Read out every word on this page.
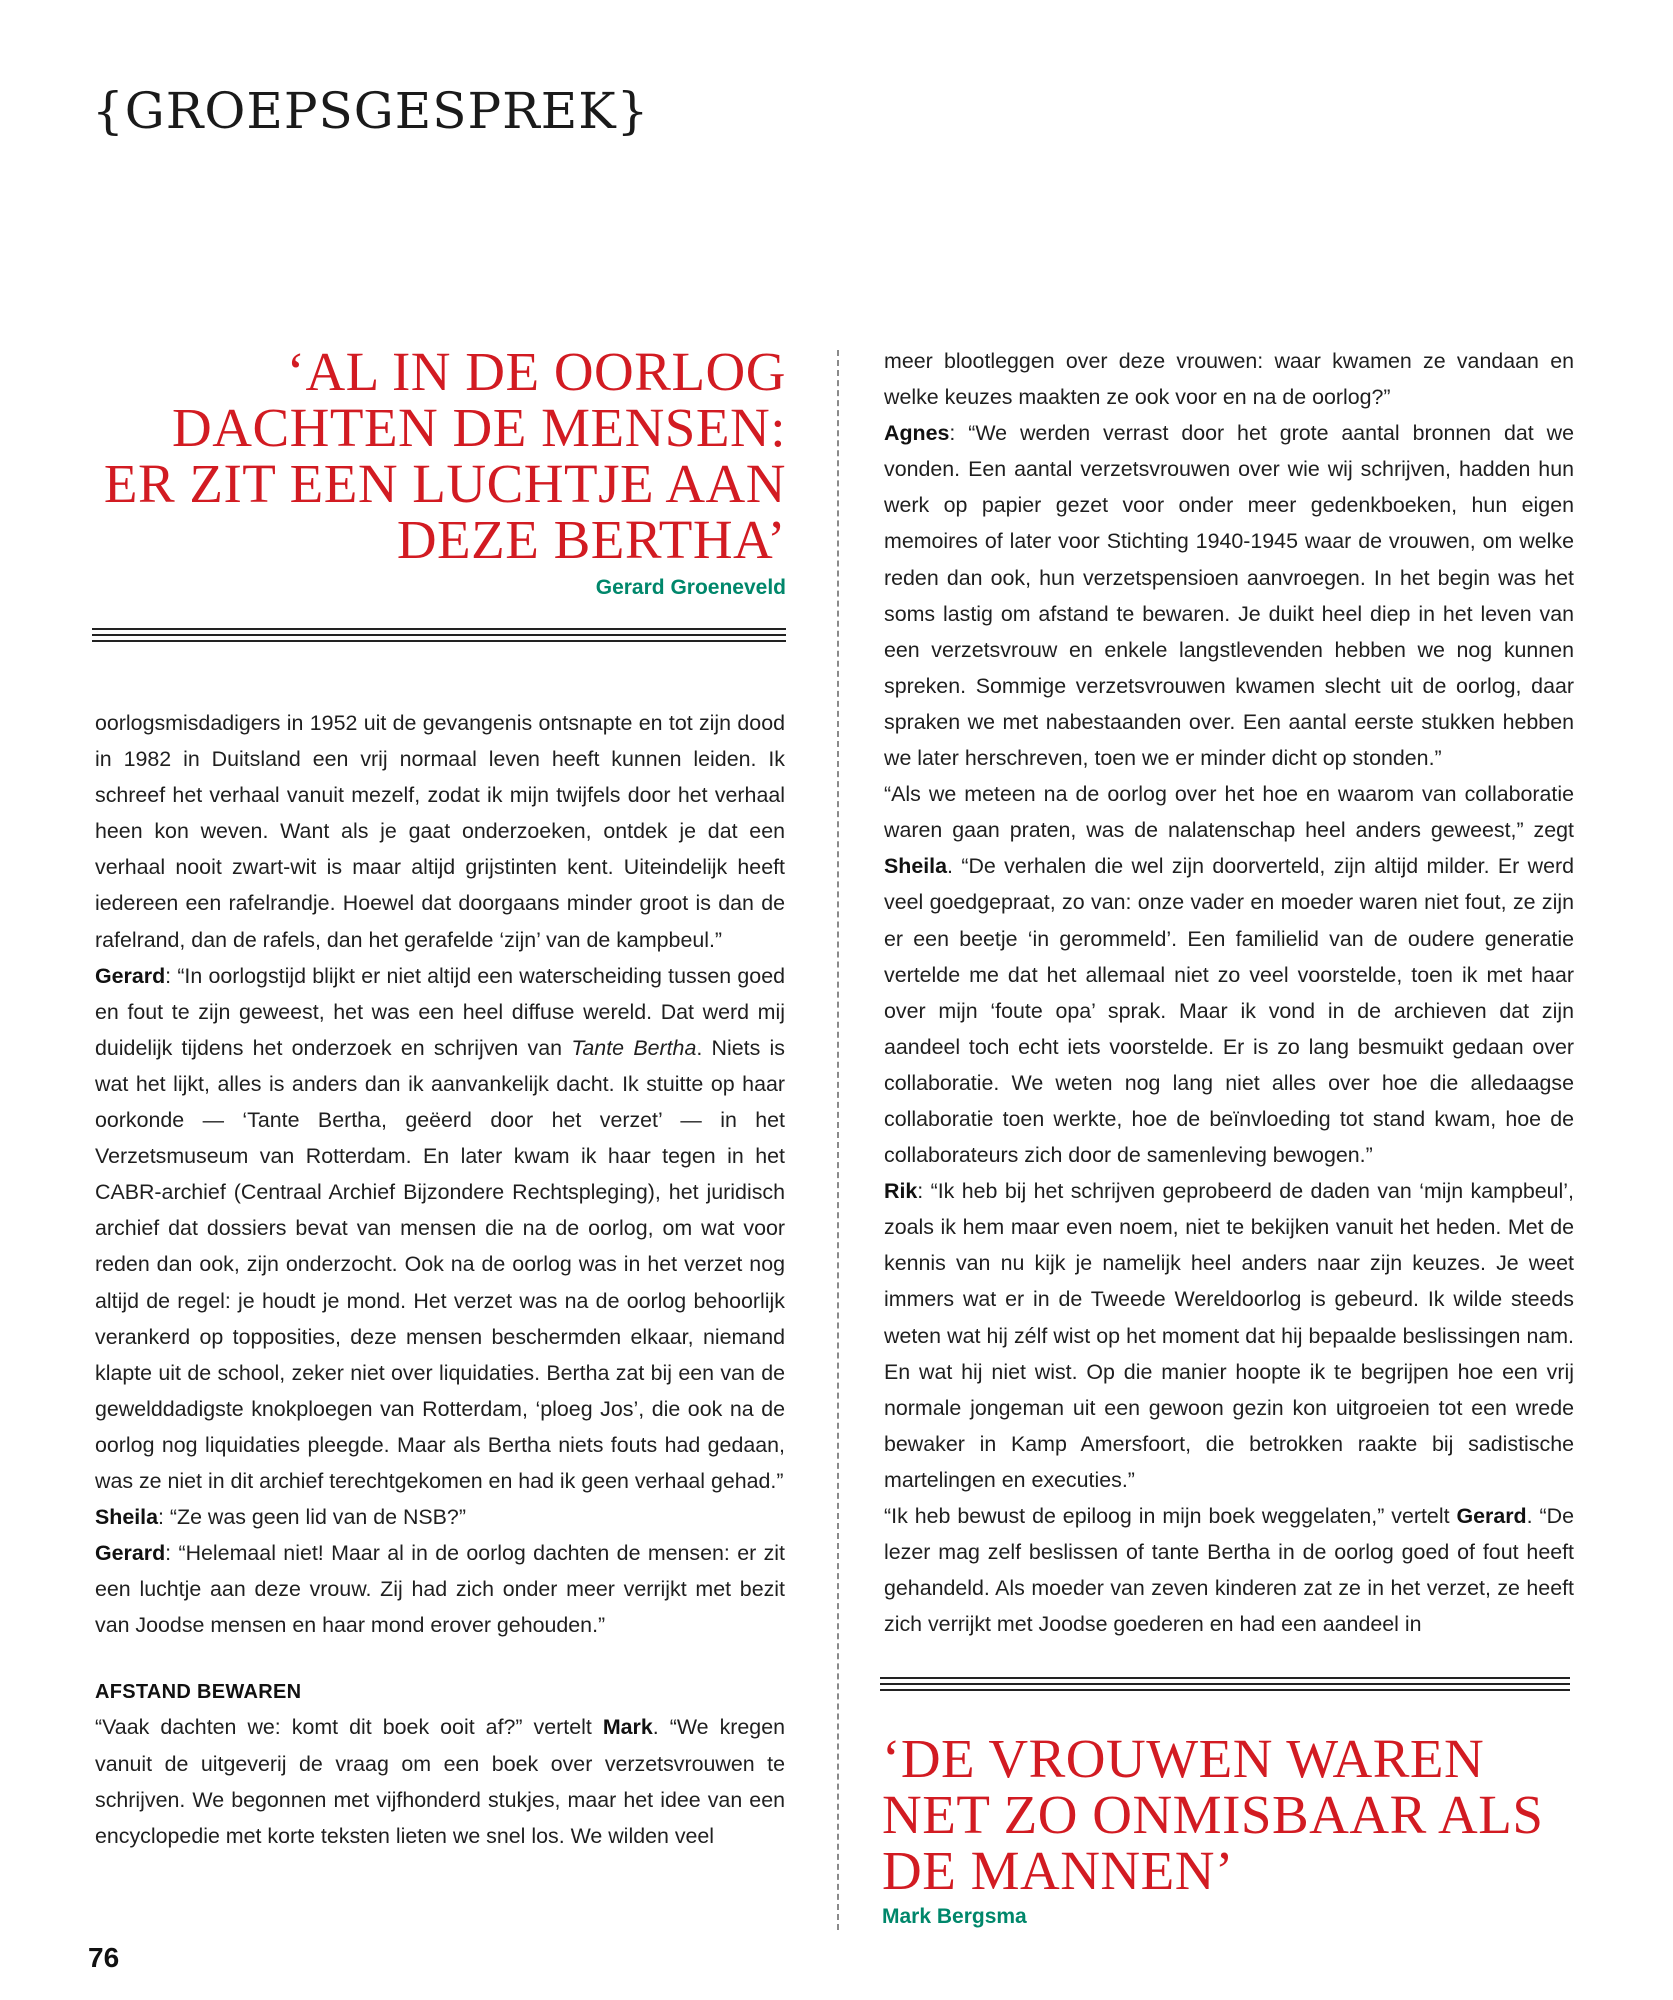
{GROEPSGESPREK}
‘AL IN DE OORLOG
DACHTEN DE MENSEN:
ER ZIT EEN LUCHTJE AAN
DEZE BERTHA’
Gerard Groeneveld

oorlogsmisdadigers in 1952 uit de gevangenis ontsnapte en tot zijn dood in 1982 in Duitsland een vrij normaal leven heeft kunnen leiden. Ik schreef het verhaal vanuit mezelf, zodat ik mijn twijfels door het verhaal heen kon weven. Want als je gaat onderzoeken, ontdek je dat een verhaal nooit zwart-wit is maar altijd grijstinten kent. Uiteindelijk heeft iedereen een rafelrandje. Hoewel dat doorgaans minder groot is dan de rafelrand, dan de rafels, dan het gerafelde ‘zijn’ van de kampbeul.”

Gerard: “In oorlogstijd blijkt er niet altijd een waterscheiding tussen goed en fout te zijn geweest, het was een heel diffuse wereld. Dat werd mij duidelijk tijdens het onderzoek en schrijven van Tante Bertha. Niets is wat het lijkt, alles is anders dan ik aanvankelijk dacht. Ik stuitte op haar oorkonde — ‘Tante Bertha, geëerd door het verzet’ — in het Verzetsmuseum van Rotterdam. En later kwam ik haar tegen in het CABR-archief (Centraal Archief Bijzondere Rechtspleging), het juridisch archief dat dossiers bevat van mensen die na de oorlog, om wat voor reden dan ook, zijn onderzocht. Ook na de oorlog was in het verzet nog altijd de regel: je houdt je mond. Het verzet was na de oorlog behoorlijk verankerd op topposities, deze mensen beschermden elkaar, niemand klapte uit de school, zeker niet over liquidaties. Bertha zat bij een van de gewelddadigste knokploegen van Rotterdam, ‘ploeg Jos’, die ook na de oorlog nog liquidaties pleegde. Maar als Bertha niets fouts had gedaan, was ze niet in dit archief terechtgekomen en had ik geen verhaal gehad.”

Sheila: “Ze was geen lid van de NSB?”

Gerard: “Helemaal niet! Maar al in de oorlog dachten de mensen: er zit een luchtje aan deze vrouw. Zij had zich onder meer verrijkt met bezit van Joodse mensen en haar mond erover gehouden.”

AFSTAND BEWAREN

“Vaak dachten we: komt dit boek ooit af?” vertelt Mark. “We kregen vanuit de uitgeverij de vraag om een boek over verzetsvrouwen te schrijven. We begonnen met vijfhonderd stukjes, maar het idee van een encyclopedie met korte teksten lieten we snel los. We wilden veel

meer blootleggen over deze vrouwen: waar kwamen ze vandaan en welke keuzes maakten ze ook voor en na de oorlog?”

Agnes: “We werden verrast door het grote aantal bronnen dat we vonden. Een aantal verzetsvrouwen over wie wij schrijven, hadden hun werk op papier gezet voor onder meer gedenkboeken, hun eigen memoires of later voor Stichting 1940-1945 waar de vrouwen, om welke reden dan ook, hun verzetspensioen aanvroegen. In het begin was het soms lastig om afstand te bewaren. Je duikt heel diep in het leven van een verzetsvrouw en enkele langstlevenden hebben we nog kunnen spreken. Sommige verzetsvrouwen kwamen slecht uit de oorlog, daar spraken we met nabestaanden over. Een aantal eerste stukken hebben we later herschreven, toen we er minder dicht op stonden.”

“Als we meteen na de oorlog over het hoe en waarom van collaboratie waren gaan praten, was de nalatenschap heel anders geweest,” zegt Sheila. “De verhalen die wel zijn doorverteld, zijn altijd milder. Er werd veel goedgepraat, zo van: onze vader en moeder waren niet fout, ze zijn er een beetje ‘in gerommeld’. Een familielid van de oudere generatie vertelde me dat het allemaal niet zo veel voorstelde, toen ik met haar over mijn ‘foute opa’ sprak. Maar ik vond in de archieven dat zijn aandeel toch echt iets voorstelde. Er is zo lang besmuikt gedaan over collaboratie. We weten nog lang niet alles over hoe die alledaagse collaboratie toen werkte, hoe de beïnvloeding tot stand kwam, hoe de collaborateurs zich door de samenleving bewogen.”

Rik: “Ik heb bij het schrijven geprobeerd de daden van ‘mijn kampbeul’, zoals ik hem maar even noem, niet te bekijken vanuit het heden. Met de kennis van nu kijk je namelijk heel anders naar zijn keuzes. Je weet immers wat er in de Tweede Wereldoorlog is gebeurd. Ik wilde steeds weten wat hij zélf wist op het moment dat hij bepaalde beslissingen nam. En wat hij niet wist. Op die manier hoopte ik te begrijpen hoe een vrij normale jongeman uit een gewoon gezin kon uitgroeien tot een wrede bewaker in Kamp Amersfoort, die betrokken raakte bij sadistische martelingen en executies.”

“Ik heb bewust de epiloog in mijn boek weggelaten,” vertelt Gerard. “De lezer mag zelf beslissen of tante Bertha in de oorlog goed of fout heeft gehandeld. Als moeder van zeven kinderen zat ze in het verzet, ze heeft zich verrijkt met Joodse goederen en had een aandeel in

‘DE VROUWEN WAREN
NET ZO ONMISBAAR ALS
DE MANNEN’
Mark Bergsma
76
